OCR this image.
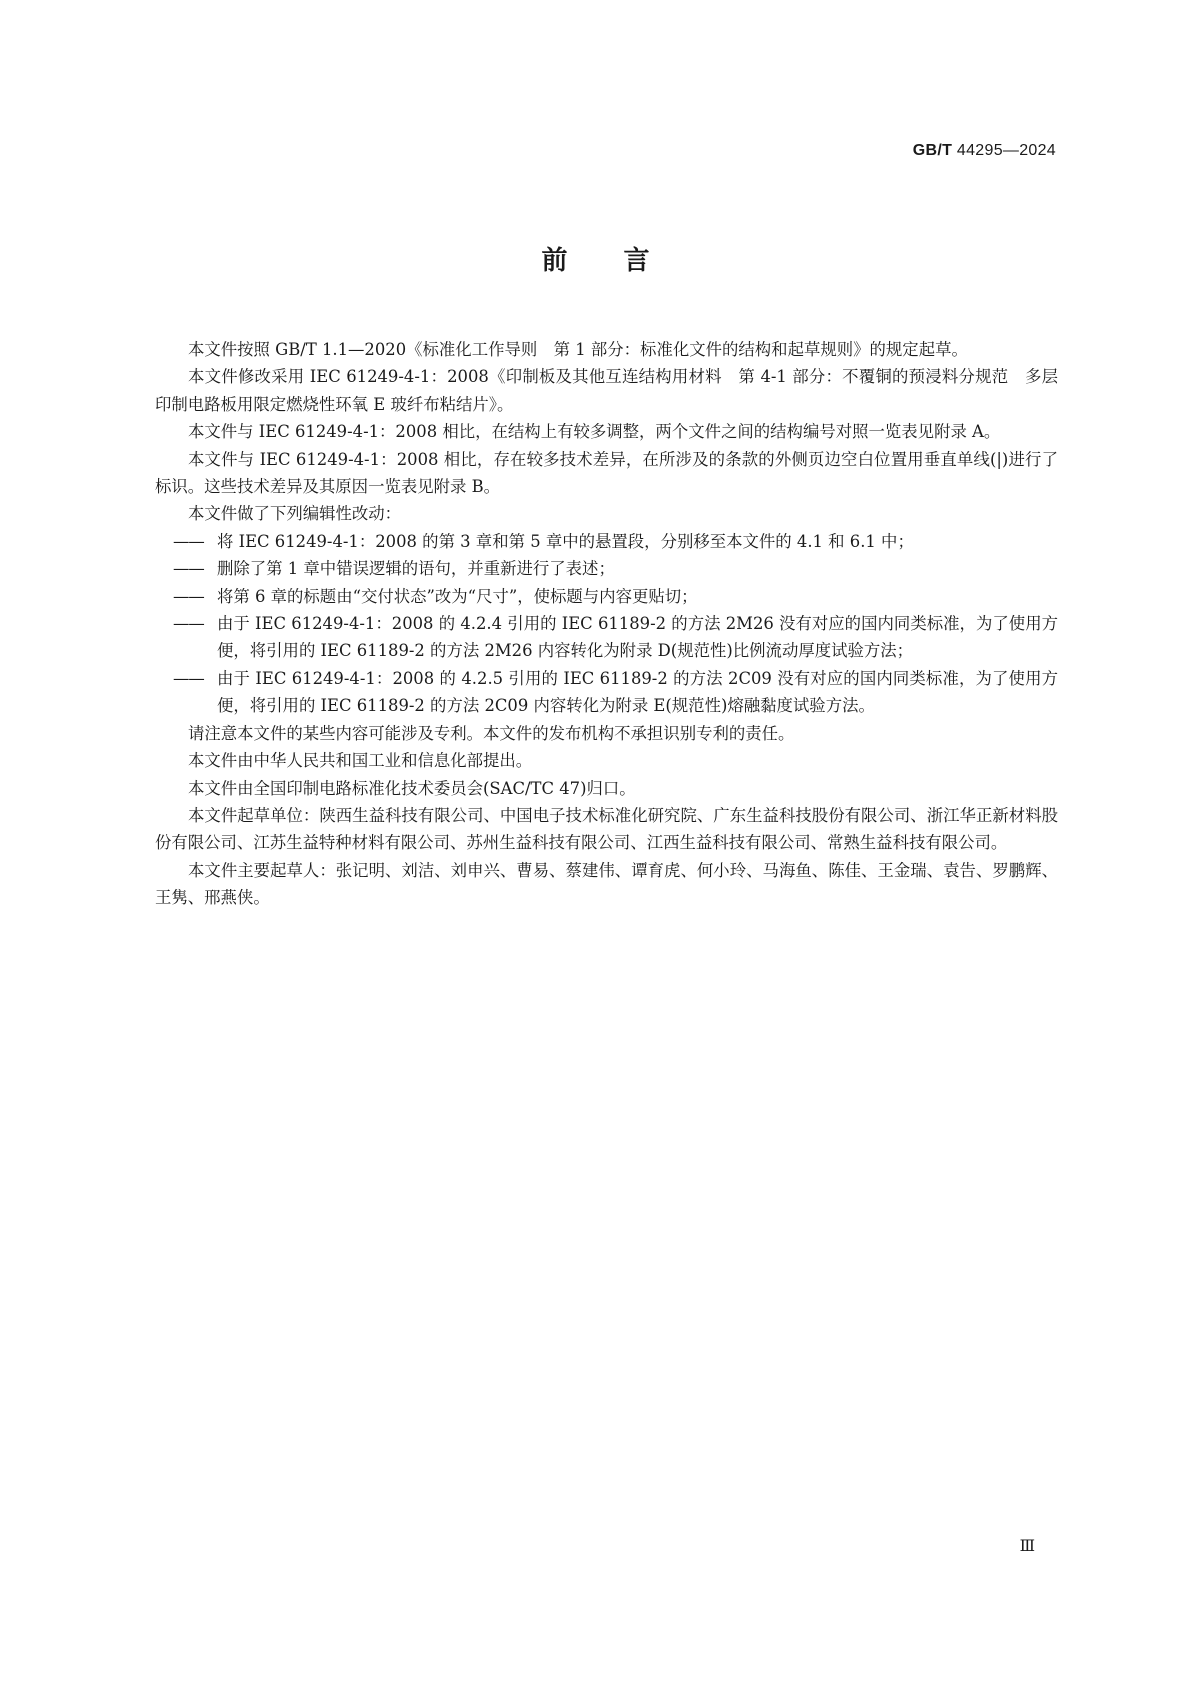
GB/T 44295—2024
前言

本文件按照 GB/T 1.1—2020《标准化工作导则　第 1 部分：标准化文件的结构和起草规则》的规定起草。

本文件修改采用 IEC 61249-4-1：2008《印制板及其他互连结构用材料　第 4-1 部分：不覆铜的预浸料分规范　多层印制电路板用限定燃烧性环氧 E 玻纤布粘结片》。

本文件与 IEC 61249-4-1：2008 相比，在结构上有较多调整，两个文件之间的结构编号对照一览表见附录 A。

本文件与 IEC 61249-4-1：2008 相比，存在较多技术差异，在所涉及的条款的外侧页边空白位置用垂直单线(|)进行了标识。这些技术差异及其原因一览表见附录 B。

本文件做了下列编辑性改动：

—— 将 IEC 61249-4-1：2008 的第 3 章和第 5 章中的悬置段，分别移至本文件的 4.1 和 6.1 中；

—— 删除了第 1 章中错误逻辑的语句，并重新进行了表述；

—— 将第 6 章的标题由“交付状态”改为“尺寸”，使标题与内容更贴切；

—— 由于 IEC 61249-4-1：2008 的 4.2.4 引用的 IEC 61189-2 的方法 2M26 没有对应的国内同类标准，为了使用方便，将引用的 IEC 61189-2 的方法 2M26 内容转化为附录 D(规范性)比例流动厚度试验方法；

—— 由于 IEC 61249-4-1：2008 的 4.2.5 引用的 IEC 61189-2 的方法 2C09 没有对应的国内同类标准，为了使用方便，将引用的 IEC 61189-2 的方法 2C09 内容转化为附录 E(规范性)熔融黏度试验方法。

请注意本文件的某些内容可能涉及专利。本文件的发布机构不承担识别专利的责任。

本文件由中华人民共和国工业和信息化部提出。

本文件由全国印制电路标准化技术委员会(SAC/TC 47)归口。

本文件起草单位：陕西生益科技有限公司、中国电子技术标准化研究院、广东生益科技股份有限公司、浙江华正新材料股份有限公司、江苏生益特种材料有限公司、苏州生益科技有限公司、江西生益科技有限公司、常熟生益科技有限公司。

本文件主要起草人：张记明、刘洁、刘申兴、曹易、蔡建伟、谭育虎、何小玲、马海鱼、陈佳、王金瑞、袁告、罗鹏辉、王隽、邢燕侠。

Ⅲ
